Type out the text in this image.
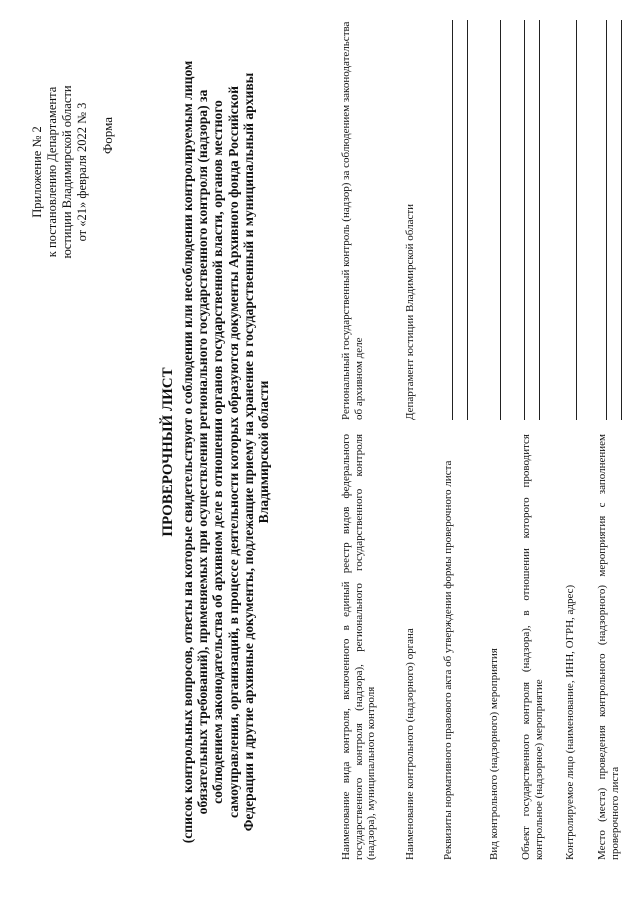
Приложение № 2 к постановлению Департамента юстиции Владимирской области от «21» февраля 2022 № 3 Форма
ПРОВЕРОЧНЫЙ ЛИСТ (список контрольных вопросов, ответы на которые свидетельствуют о соблюдении или несоблюдении контролируемым лицом обязательных требований), применяемых при осуществлении регионального государственного контроля (надзора) за соблюдением законодательства об архивном деле в отношении органов государственной власти, органов местного самоуправления, организаций, в процессе деятельности которых образуются документы Архивного фонда Российской Федерации и другие архивные документы, подлежащие приему на хранение в государственный и муниципальный архивы Владимирской области	Наименование вида контроля, включенного в единый реестр видов федерального государственного контроля (надзора), регионального государственного контроля (надзора), муниципального контроля
Региональный государственный контроль (надзор) за соблюдением законодательства об архивном деле
Наименование контрольного (надзорного) органа
Департамент юстиции Владимирской области
Реквизиты нормативного правового акта об утверждении формы проверочного листа	Вид контрольного (надзорного) мероприятия Объект государственного контроля (надзора), в отношении которого проводится контрольное (надзорное) мероприятие Контролируемое лицо (наименование, ИНН, ОГРН, адрес) Место (места) проведения контрольного (надзорного) мероприятия с заполнением проверочного листа
